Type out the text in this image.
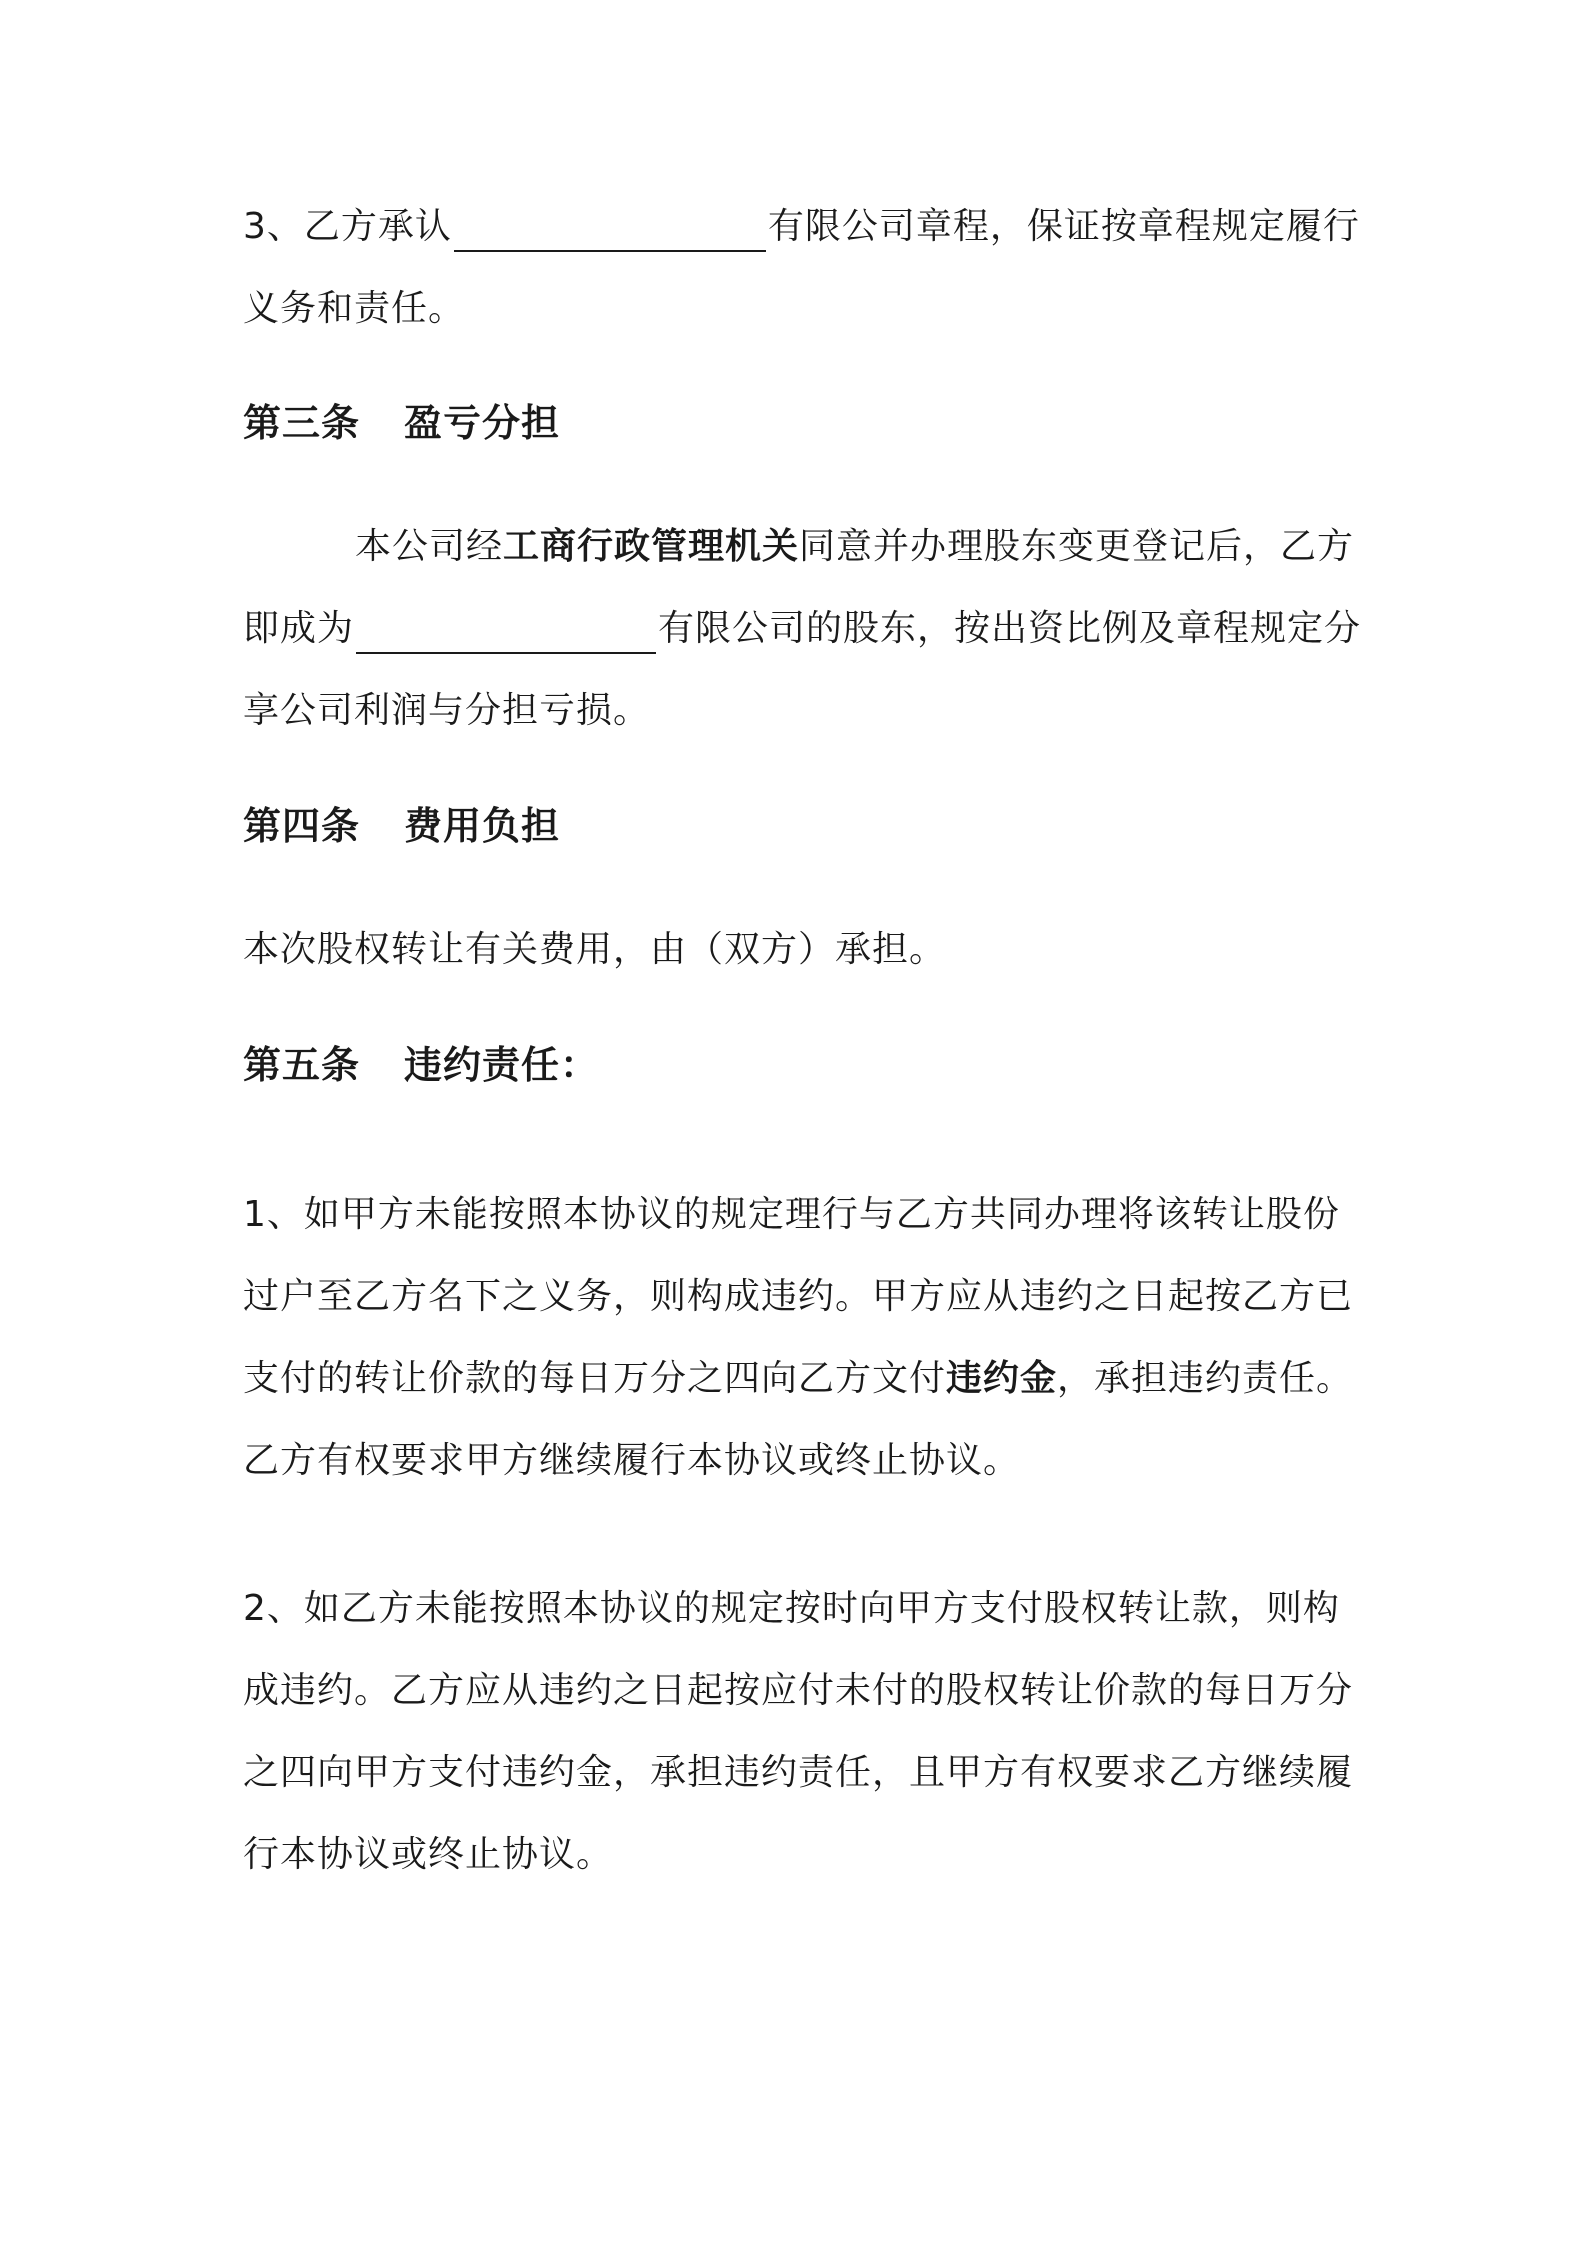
3、乙方承认	有限公司章程，保证按章程规定履行
义务和责任。
第三条 盈亏分担
本公司经工商行政管理机关同意并办理股东变更登记后，乙方
即成为	有限公司的股东，按出资比例及章程规定分
享公司利润与分担亏损。
第四条 费用负担
本次股权转让有关费用，由（双方）承担。
第五条 违约责任：
1、如甲方未能按照本协议的规定理行与乙方共同办理将该转让股份
过户至乙方名下之义务，则构成违约。甲方应从违约之日起按乙方已
支付的转让价款的每日万分之四向乙方文付违约金，承担违约责任。
乙方有权要求甲方继续履行本协议或终止协议。
2、如乙方未能按照本协议的规定按时向甲方支付股权转让款，则构
成违约。乙方应从违约之日起按应付未付的股权转让价款的每日万分
之四向甲方支付违约金，承担违约责任，且甲方有权要求乙方继续履
行本协议或终止协议。
